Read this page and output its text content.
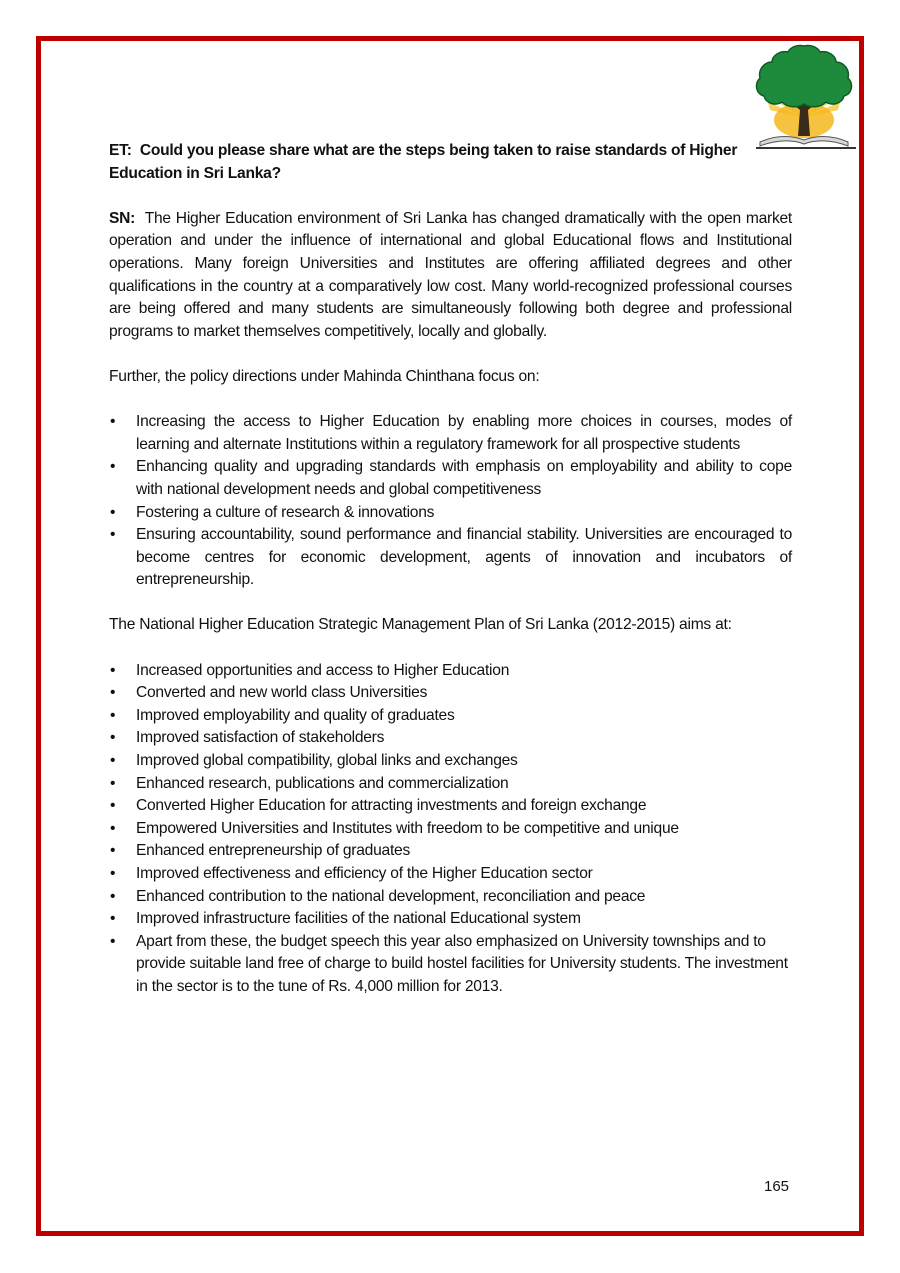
ET: Could you please share what are the steps being taken to raise standards of Higher Education in Sri Lanka?

SN: The Higher Education environment of Sri Lanka has changed dramatically with the open market operation and under the influence of international and global Educational flows and Institutional operations. Many foreign Universities and Institutes are offering affiliated degrees and other qualifications in the country at a comparatively low cost. Many world-recognized professional courses are being offered and many students are simultaneously following both degree and professional programs to market themselves competitively, locally and globally.

Further, the policy directions under Mahinda Chinthana focus on:

•	Increasing the access to Higher Education by enabling more choices in courses, modes of learning and alternate Institutions within a regulatory framework for all prospective students
•	Enhancing quality and upgrading standards with emphasis on employability and ability to cope with national development needs and global competitiveness
•	Fostering a culture of research & innovations
•	Ensuring accountability, sound performance and financial stability. Universities are encouraged to become centres for economic development, agents of innovation and incubators of entrepreneurship.

The National Higher Education Strategic Management Plan of Sri Lanka (2012-2015) aims at:

•	Increased opportunities and access to Higher Education
•	Converted and new world class Universities
•	Improved employability and quality of graduates
•	Improved satisfaction of stakeholders
•	Improved global compatibility, global links and exchanges
•	Enhanced research, publications and commercialization
•	Converted Higher Education for attracting investments and foreign exchange
•	Empowered Universities and Institutes with freedom to be competitive and unique
•	Enhanced entrepreneurship of graduates
•	Improved effectiveness and efficiency of the Higher Education sector
•	Enhanced contribution to the national development, reconciliation and peace
•	Improved infrastructure facilities of the national Educational system
•	Apart from these, the budget speech this year also emphasized on University townships and to provide suitable land free of charge to build hostel facilities for University students. The investment in the sector is to the tune of Rs. 4,000 million for 2013.
165
